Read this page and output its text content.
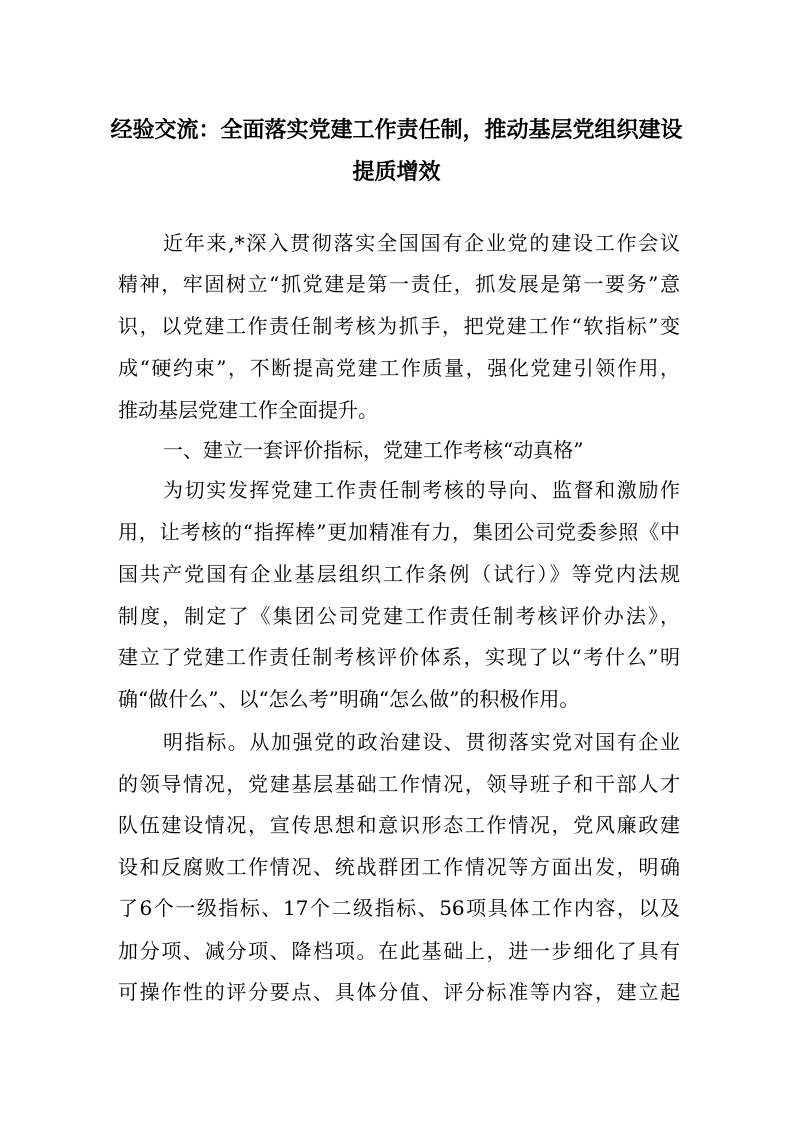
经验交流：全面落实党建工作责任制，推动基层党组织建设
提质增效
近年来,*深入贯彻落实全国国有企业党的建设工作会议
精神，牢固树立“抓党建是第一责任，抓发展是第一要务”意
识，以党建工作责任制考核为抓手，把党建工作“软指标”变
成“硬约束”，不断提高党建工作质量，强化党建引领作用，
推动基层党建工作全面提升。
一、建立一套评价指标，党建工作考核“动真格”
为切实发挥党建工作责任制考核的导向、监督和激励作
用，让考核的“指挥棒”更加精准有力，集团公司党委参照《中
国共产党国有企业基层组织工作条例（试行）》等党内法规
制度，制定了《集团公司党建工作责任制考核评价办法》，
建立了党建工作责任制考核评价体系，实现了以“考什么”明
确“做什么”、以“怎么考”明确“怎么做”的积极作用。
明指标。从加强党的政治建设、贯彻落实党对国有企业
的领导情况，党建基层基础工作情况，领导班子和干部人才
队伍建设情况，宣传思想和意识形态工作情况，党风廉政建
设和反腐败工作情况、统战群团工作情况等方面出发，明确
了6个一级指标、17个二级指标、56项具体工作内容，以及
加分项、减分项、降档项。在此基础上，进一步细化了具有
可操作性的评分要点、具体分值、评分标准等内容，建立起
